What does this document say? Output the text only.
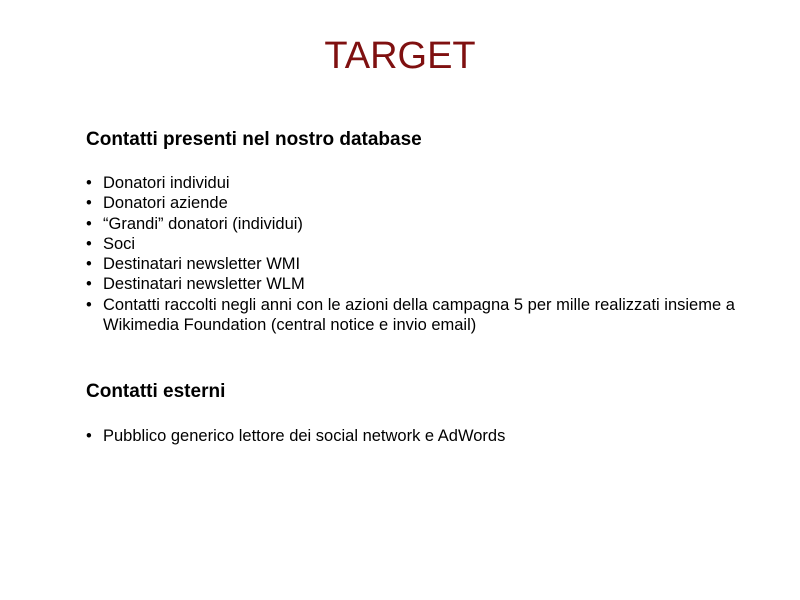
TARGET
Contatti presenti nel nostro database
• Donatori individui
• Donatori aziende
• “Grandi” donatori (individui)
• Soci
• Destinatari newsletter WMI
• Destinatari newsletter WLM
• Contatti raccolti negli anni con le azioni della campagna 5 per mille realizzati insieme a Wikimedia Foundation (central notice e invio email)
Contatti esterni
• Pubblico generico lettore dei social network e AdWords
